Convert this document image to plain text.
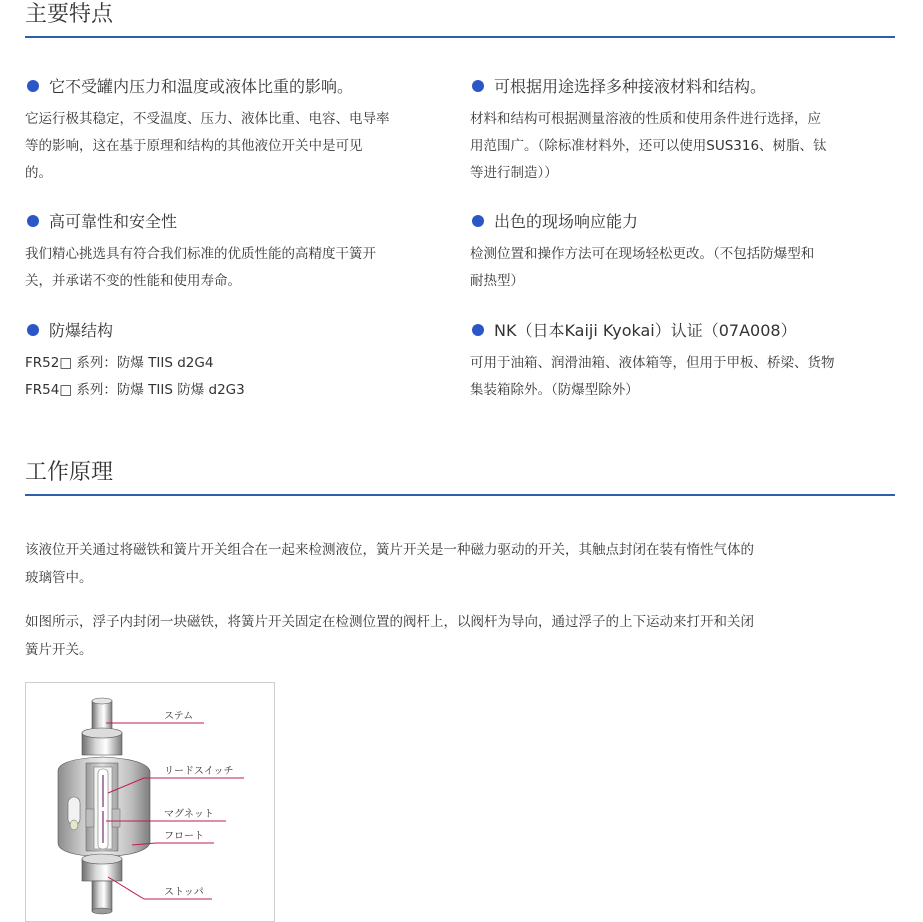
主要特点
它不受罐内压力和温度或液体比重的影响。
它运行极其稳定，不受温度、压力、液体比重、电容、电导率
等的影响，这在基于原理和结构的其他液位开关中是可见
的。
可根据用途选择多种接液材料和结构。
材料和结构可根据测量溶液的性质和使用条件进行选择，应
用范围广。（除标准材料外，还可以使用SUS316、树脂、钛
等进行制造））
高可靠性和安全性
我们精心挑选具有符合我们标准的优质性能的高精度干簧开
关，并承诺不变的性能和使用寿命。
出色的现场响应能力
检测位置和操作方法可在现场轻松更改。（不包括防爆型和
耐热型）
防爆结构
FR52□ 系列：防爆 TIIS d2G4
FR54□ 系列：防爆 TIIS 防爆 d2G3
NK（日本Kaiji Kyokai）认证（07A008）
可用于油箱、润滑油箱、液体箱等，但用于甲板、桥梁、货物
集装箱除外。（防爆型除外）
工作原理
该液位开关通过将磁铁和簧片开关组合在一起来检测液位，簧片开关是一种磁力驱动的开关，其触点封闭在装有惰性气体的
玻璃管中。
如图所示，浮子内封闭一块磁铁，将簧片开关固定在检测位置的阀杆上，以阀杆为导向，通过浮子的上下运动来打开和关闭
簧片开关。
ステム
リードスイッチ
マグネット
フロート
ストッパ
